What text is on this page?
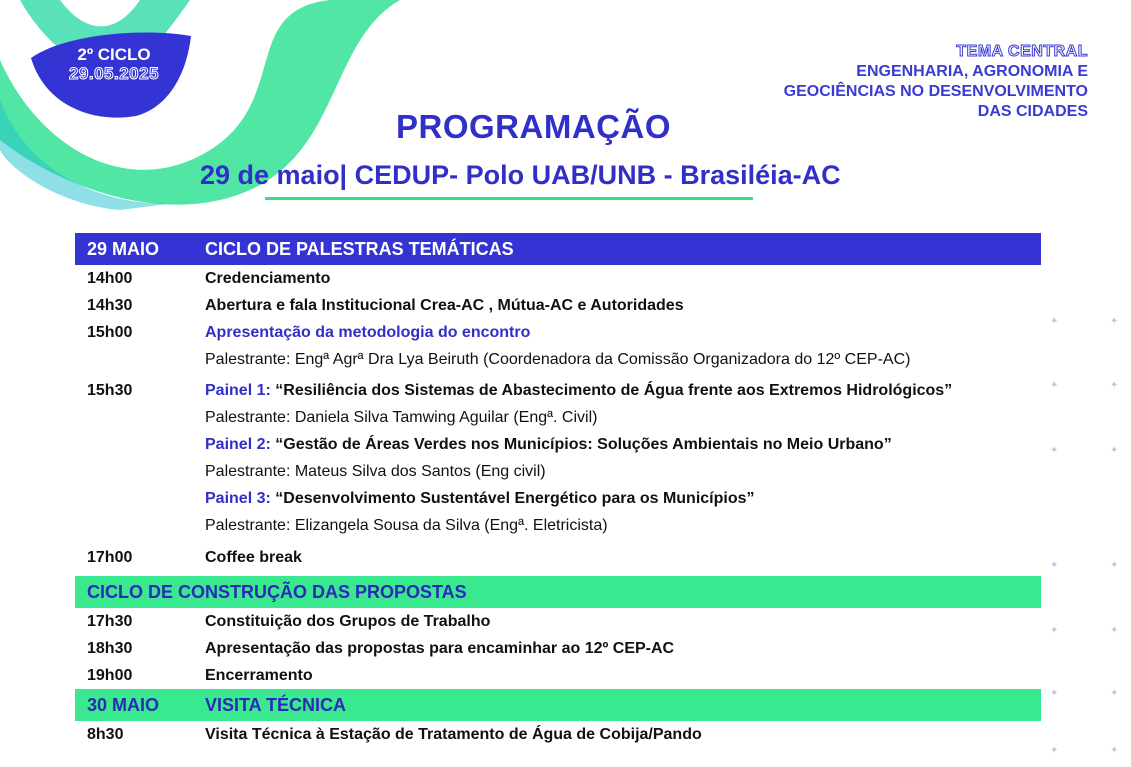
2º CICLO
29.05.2025
TEMA CENTRAL
ENGENHARIA, AGRONOMIA E
GEOCIÊNCIAS NO DESENVOLVIMENTO
DAS CIDADES
PROGRAMAÇÃO
29 de maio| CEDUP- Polo UAB/UNB - Brasiléia-AC
29 MAIO	CICLO DE PALESTRAS TEMÁTICAS
14h00	Credenciamento
14h30	Abertura e fala Institucional Crea-AC , Mútua-AC e Autoridades
15h00	Apresentação da metodologia do encontro
Palestrante: Engª Agrª Dra Lya Beiruth (Coordenadora da Comissão Organizadora do 12º CEP-AC)
15h30	Painel 1: “Resiliência dos Sistemas de Abastecimento de Água frente aos Extremos Hidrológicos”
Palestrante: Daniela Silva Tamwing Aguilar (Engª. Civil)
Painel 2: “Gestão de Áreas Verdes nos Municípios: Soluções Ambientais no Meio Urbano”
Palestrante: Mateus Silva dos Santos (Eng civil)
Painel 3: “Desenvolvimento Sustentável Energético para os Municípios”
Palestrante: Elizangela Sousa da Silva (Engª. Eletricista)
17h00	Coffee break
CICLO DE CONSTRUÇÃO DAS PROPOSTAS
17h30	Constituição dos Grupos de Trabalho
18h30	Apresentação das propostas para encaminhar ao 12º CEP-AC
19h00	Encerramento
30 MAIO	VISITA TÉCNICA
8h30	Visita Técnica à Estação de Tratamento de Água de Cobija/Pando
✦	✦
✦	✦
✦	✦
✦	✦
✦	✦
✦	✦
✦	✦
